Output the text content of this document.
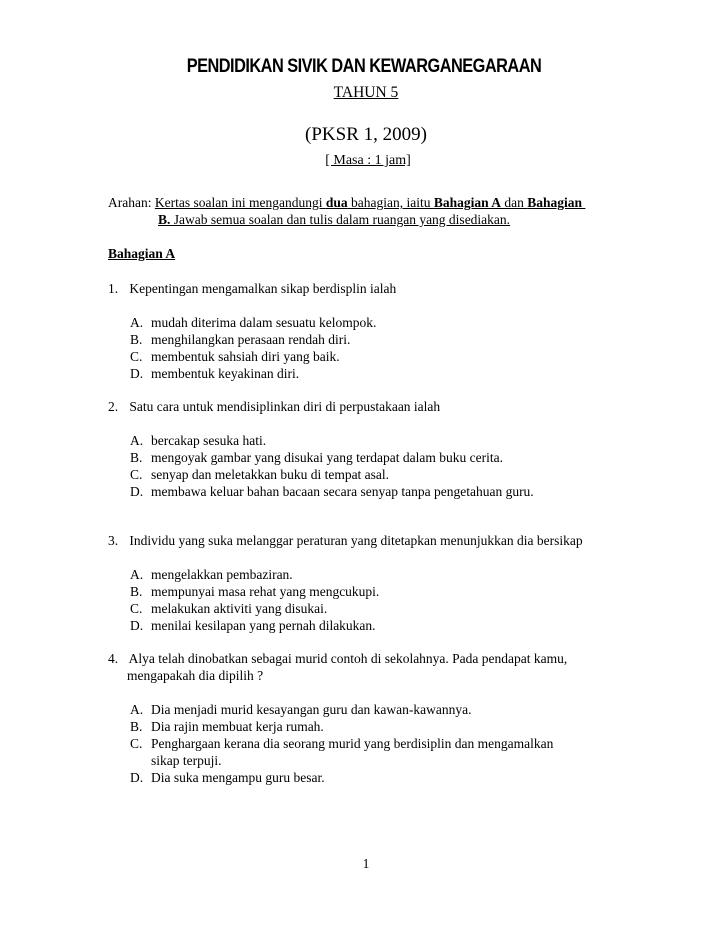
PENDIDIKAN SIVIK DAN KEWARGANEGARAAN
TAHUN 5
(PKSR 1, 2009)
[ Masa : 1 jam]
Arahan: Kertas soalan ini mengandungi dua bahagian, iaitu Bahagian A dan Bahagian
B. Jawab semua soalan dan tulis dalam ruangan yang disediakan.
Bahagian A
1. Kepentingan mengamalkan sikap berdisplin ialah
A. mudah diterima dalam sesuatu kelompok.
B. menghilangkan perasaan rendah diri.
C. membentuk sahsiah diri yang baik.
D. membentuk keyakinan diri.
2. Satu cara untuk mendisiplinkan diri di perpustakaan ialah
A. bercakap sesuka hati.
B. mengoyak gambar yang disukai yang terdapat dalam buku cerita.
C. senyap dan meletakkan buku di tempat asal.
D. membawa keluar bahan bacaan secara senyap tanpa pengetahuan guru.
3. Individu yang suka melanggar peraturan yang ditetapkan menunjukkan dia bersikap
A. mengelakkan pembaziran.
B. mempunyai masa rehat yang mengcukupi.
C. melakukan aktiviti yang disukai.
D. menilai kesilapan yang pernah dilakukan.
4. Alya telah dinobatkan sebagai murid contoh di sekolahnya. Pada pendapat kamu,
mengapakah dia dipilih ?
A. Dia menjadi murid kesayangan guru dan kawan-kawannya.
B. Dia rajin membuat kerja rumah.
C. Penghargaan kerana dia seorang murid yang berdisiplin dan mengamalkan
sikap terpuji.
D. Dia suka mengampu guru besar.
1
